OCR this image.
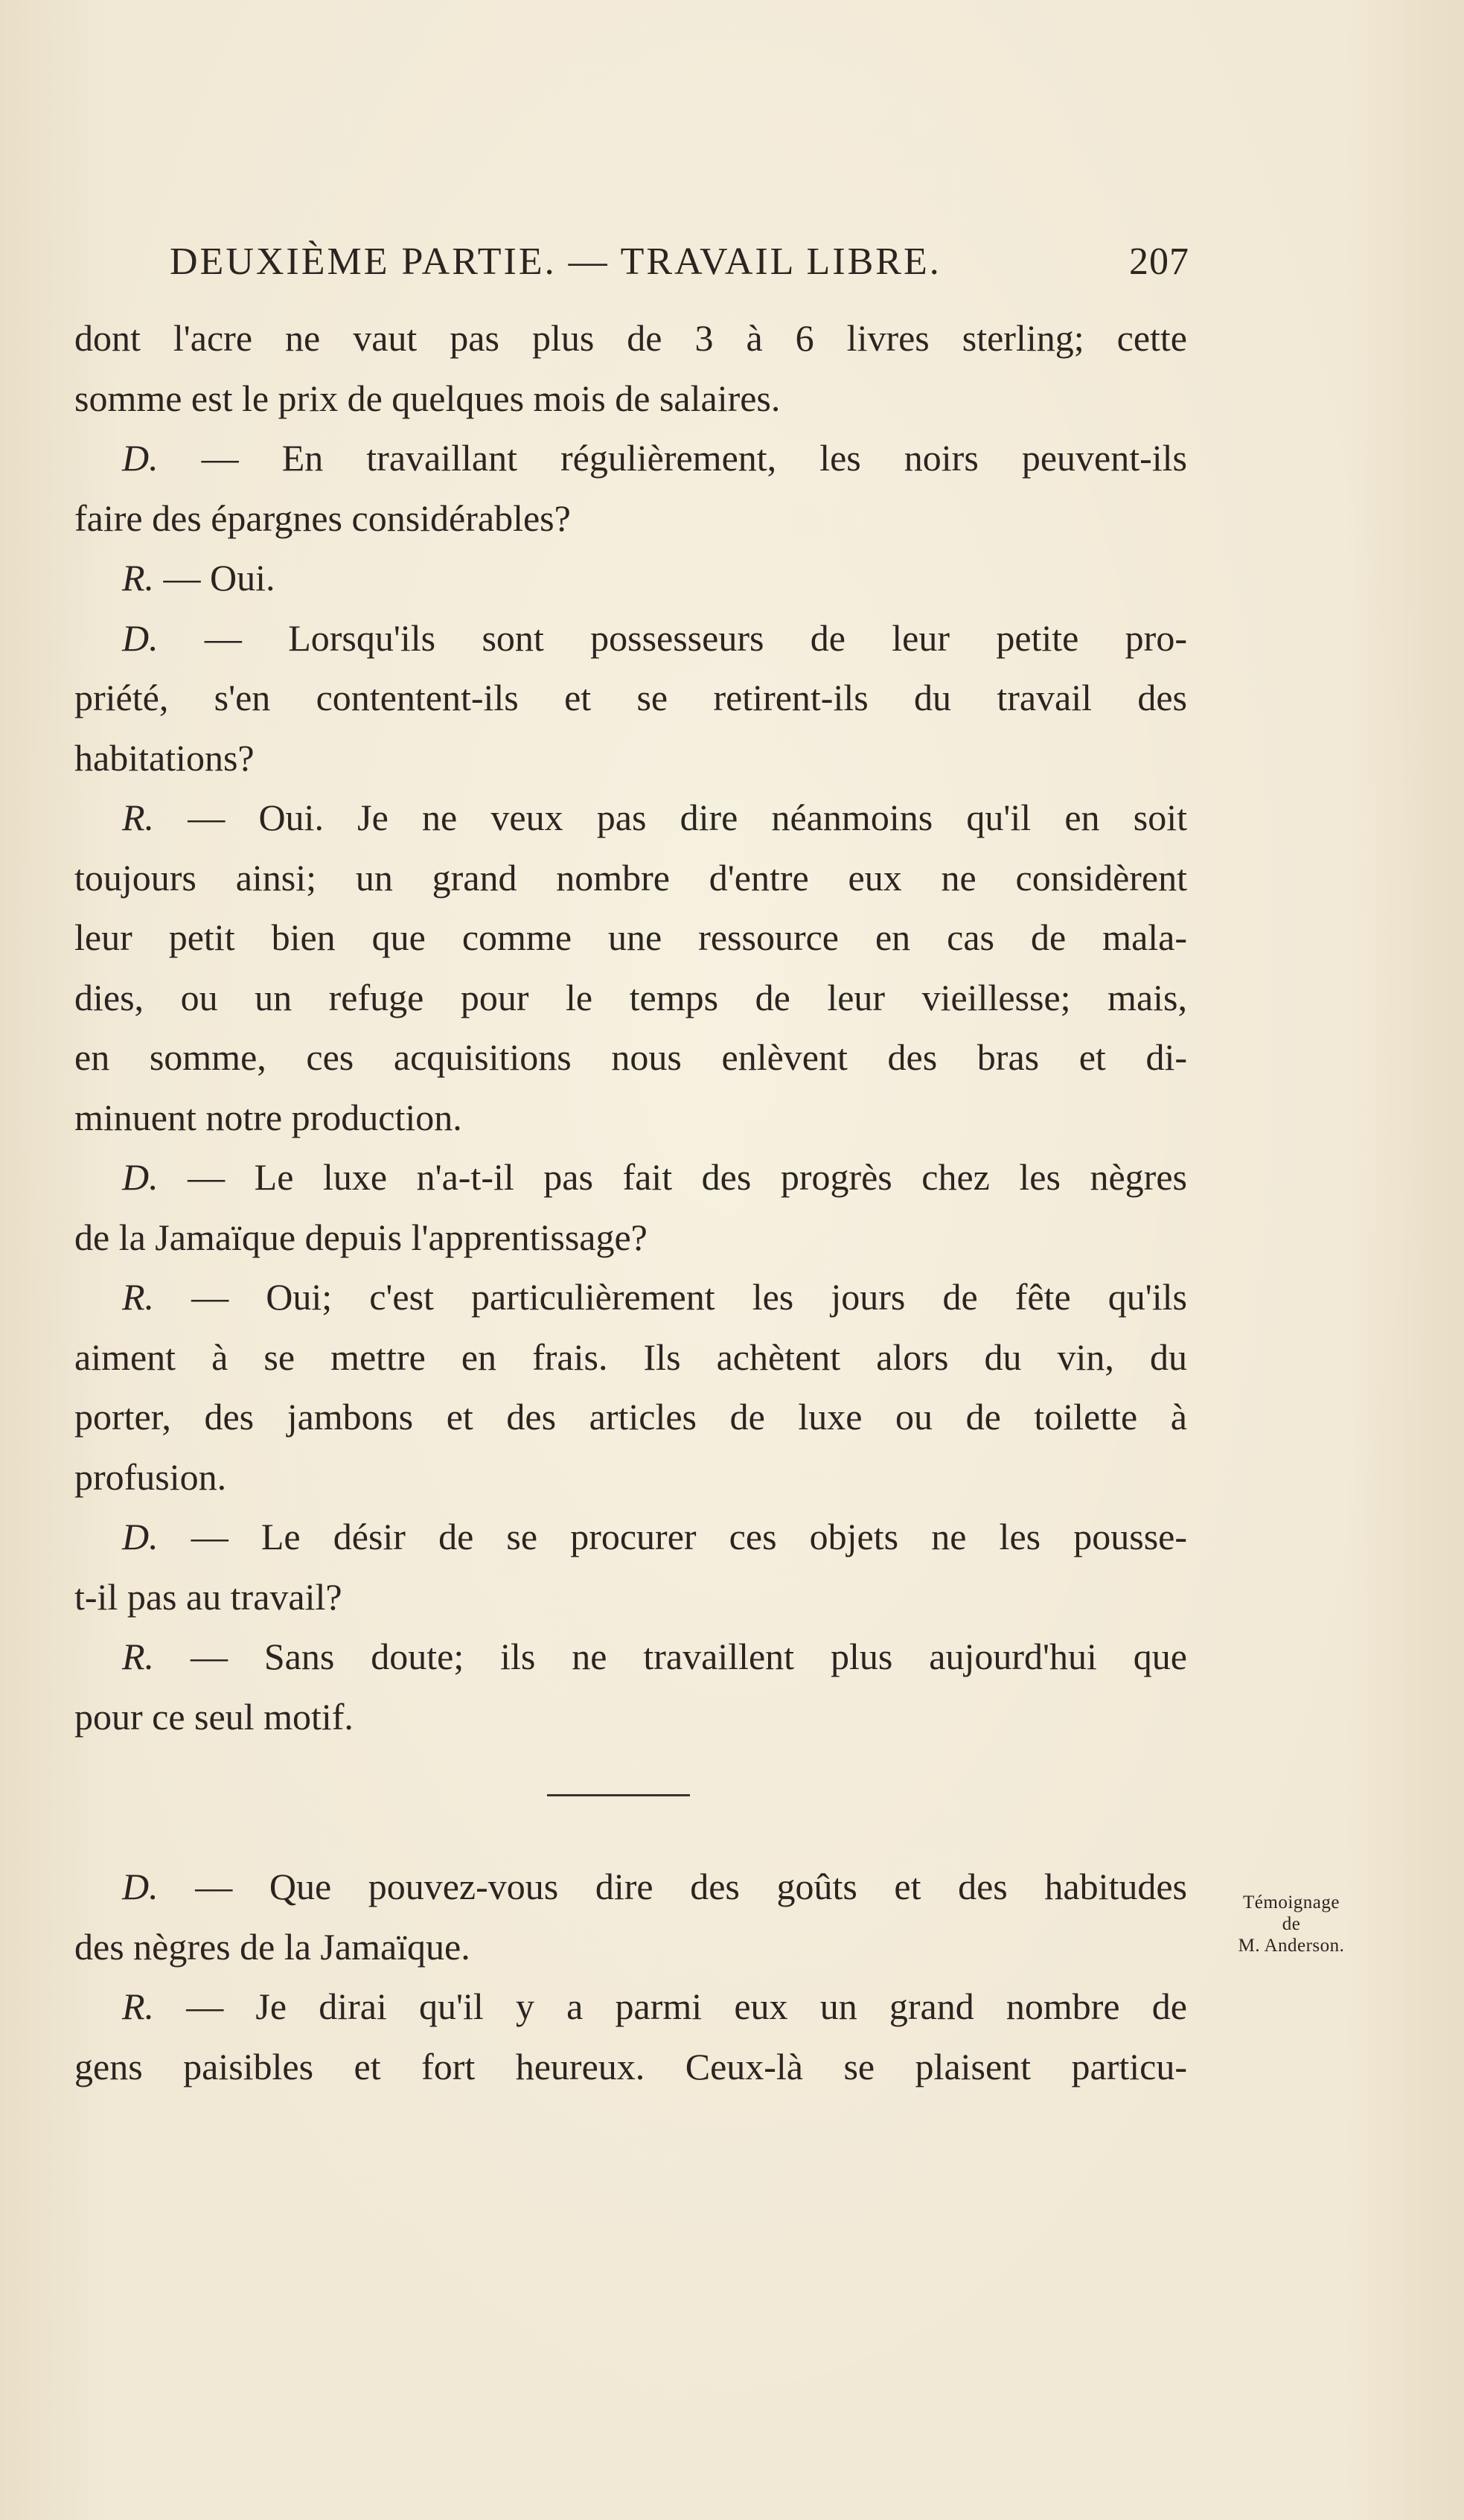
DEUXIÈME PARTIE. — TRAVAIL LIBRE.	207
dont l'acre ne vaut pas plus de 3 à 6 livres sterling; cette
somme est le prix de quelques mois de salaires.
D. — En travaillant régulièrement, les noirs peuvent-ils
faire des épargnes considérables?
R. — Oui.
D. — Lorsqu'ils sont possesseurs de leur petite pro-
priété, s'en contentent-ils et se retirent-ils du travail des
habitations?
R. — Oui. Je ne veux pas dire néanmoins qu'il en soit
toujours ainsi; un grand nombre d'entre eux ne considèrent
leur petit bien que comme une ressource en cas de mala-
dies, ou un refuge pour le temps de leur vieillesse; mais,
en somme, ces acquisitions nous enlèvent des bras et di-
minuent notre production.
D. — Le luxe n'a-t-il pas fait des progrès chez les nègres
de la Jamaïque depuis l'apprentissage?
R. — Oui; c'est particulièrement les jours de fête qu'ils
aiment à se mettre en frais. Ils achètent alors du vin, du
porter, des jambons et des articles de luxe ou de toilette à
profusion.
D. — Le désir de se procurer ces objets ne les pousse-
t-il pas au travail?
R. — Sans doute; ils ne travaillent plus aujourd'hui que
pour ce seul motif.
D. — Que pouvez-vous dire des goûts et des habitudes
des nègres de la Jamaïque.
R. — Je dirai qu'il y a parmi eux un grand nombre de
gens paisibles et fort heureux. Ceux-là se plaisent particu-
Témoignage
de
M. Anderson.
